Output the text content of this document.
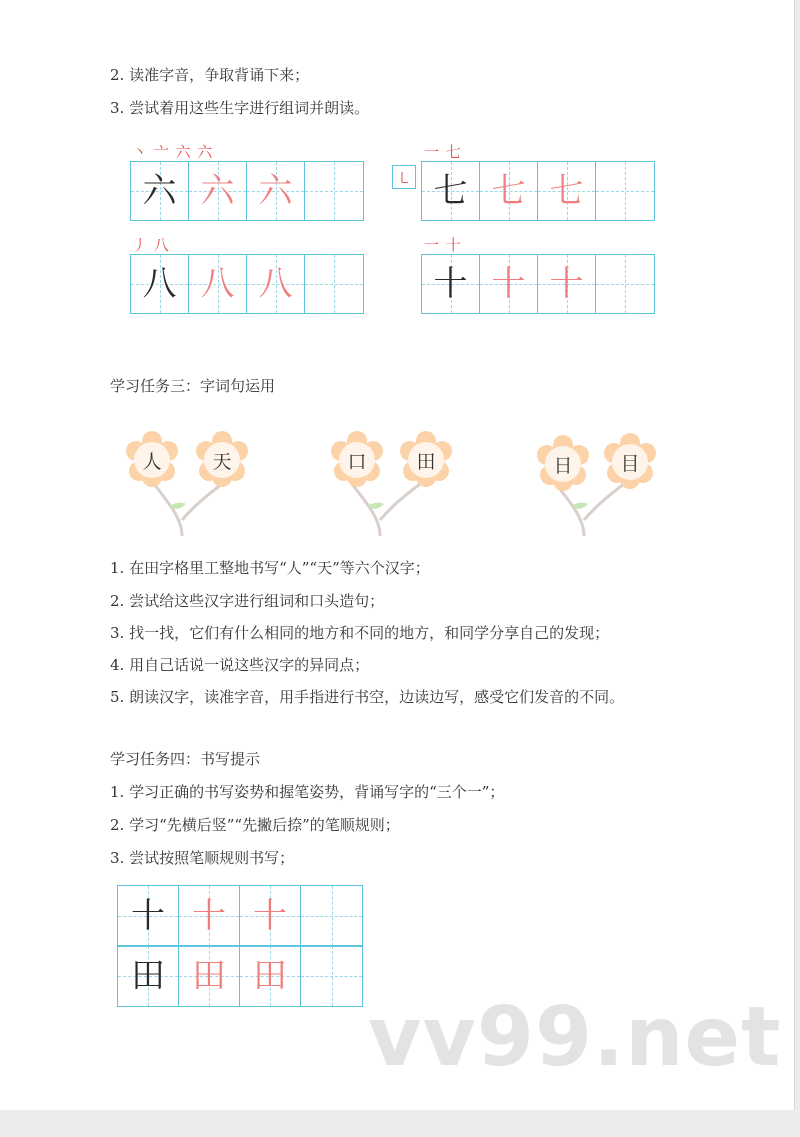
2. 读准字音，争取背诵下来；
3. 尝试着用这些生字进行组词并朗读。
丶 亠 六 六
六 六 六
一 七
㇄ 七 七 七
丿 八
八 八 八
一 十
十 十 十
学习任务三：字词句运用
人	天	口	田	日	目
1. 在田字格里工整地书写“人”“天”等六个汉字；
2. 尝试给这些汉字进行组词和口头造句；
3. 找一找，它们有什么相同的地方和不同的地方，和同学分享自己的发现；
4. 用自己话说一说这些汉字的异同点；
5. 朗读汉字，读准字音，用手指进行书空，边读边写，感受它们发音的不同。
学习任务四：书写提示
1. 学习正确的书写姿势和握笔姿势，背诵写字的“三个一”；
2. 学习“先横后竖”“先撇后捺”的笔顺规则；
3. 尝试按照笔顺规则书写；
十 十 十
田 田 田
vv99.net
